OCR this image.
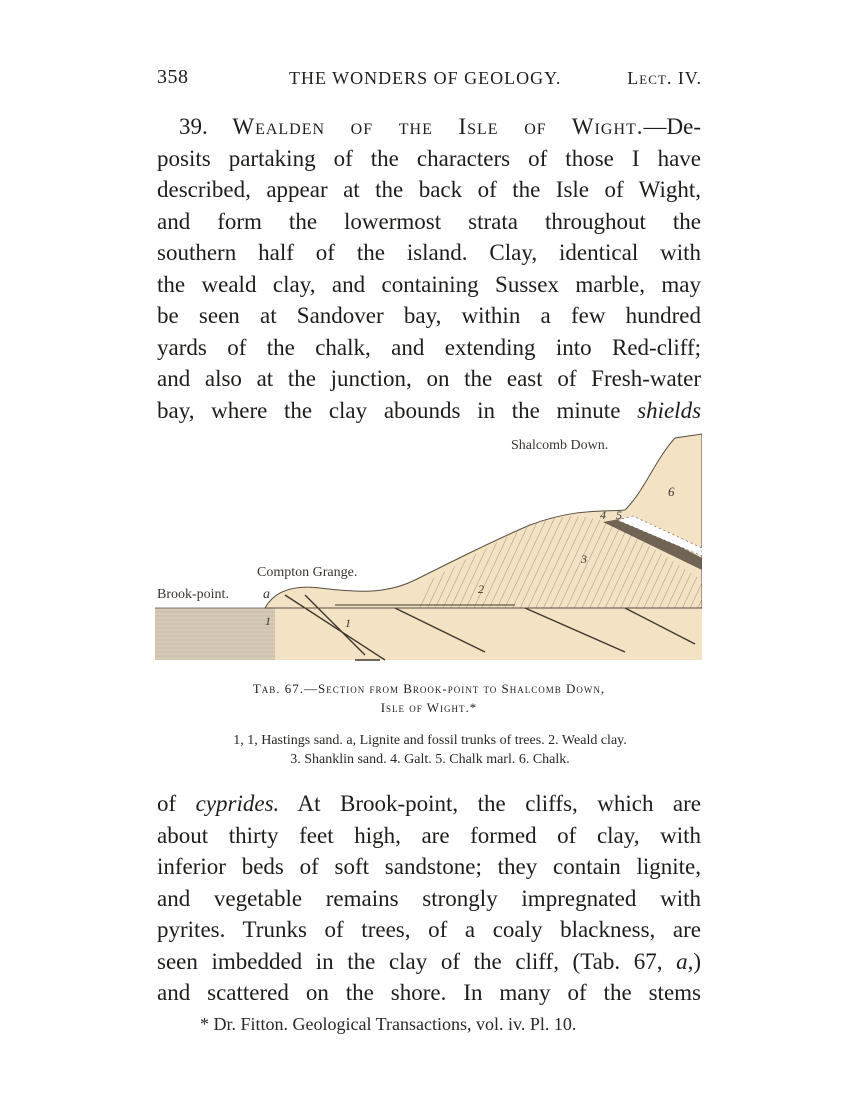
358	THE WONDERS OF GEOLOGY.	Lect. IV.
39. Wealden of the Isle of Wight.—De-
posits partaking of the characters of those I have
described, appear at the back of the Isle of Wight,
and form the lowermost strata throughout the
southern half of the island. Clay, identical with
the weald clay, and containing Sussex marble, may
be seen at Sandover bay, within a few hundred
yards of the chalk, and extending into Red-cliff;
and also at the junction, on the east of Fresh-water
bay, where the clay abounds in the minute shields
Shalcomb Down.
Compton Grange.
Brook-point. a
1	1
2
3
4 5
6
Tab. 67.—Section from Brook-point to Shalcomb Down,
Isle of Wight.*
1, 1, Hastings sand. a, Lignite and fossil trunks of trees. 2. Weald clay.
3. Shanklin sand. 4. Galt. 5. Chalk marl. 6. Chalk.
of cyprides. At Brook-point, the cliffs, which are
about thirty feet high, are formed of clay, with
inferior beds of soft sandstone; they contain lignite,
and vegetable remains strongly impregnated with
pyrites. Trunks of trees, of a coaly blackness, are
seen imbedded in the clay of the cliff, (Tab. 67, a,)
and scattered on the shore. In many of the stems
* Dr. Fitton. Geological Transactions, vol. iv. Pl. 10.
